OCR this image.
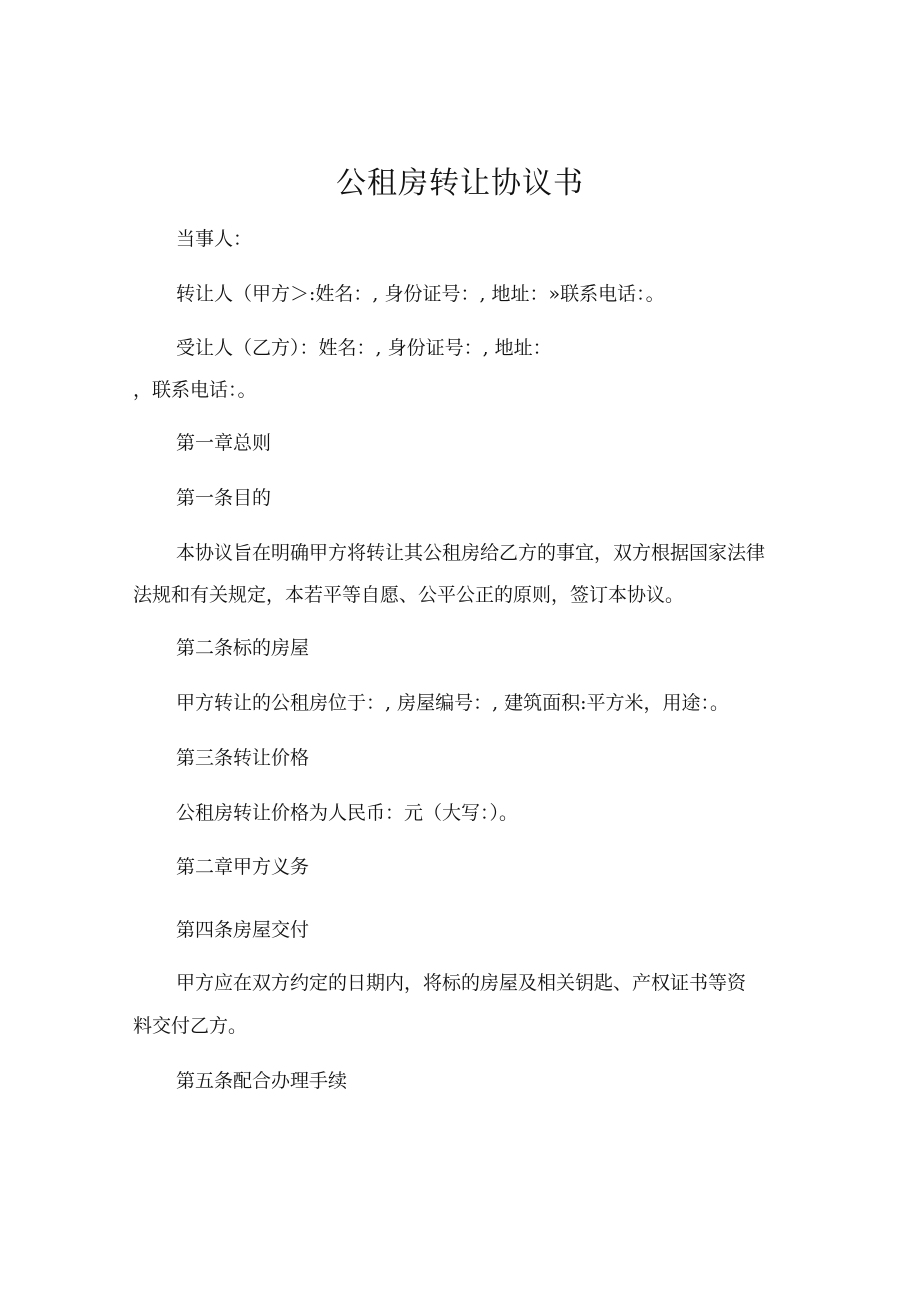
公租房转让协议书
当事人：
转让人（甲方＞:姓名：, 身份证号：, 地址：»联系电话：。
受让人（乙方）：姓名：, 身份证号：, 地址：
，联系电话：。
第一章总则
第一条目的
本协议旨在明确甲方将转让其公租房给乙方的事宜，双方根据国家法律
法规和有关规定，本若平等自愿、公平公正的原则，签订本协议。
第二条标的房屋
甲方转让的公租房位于：, 房屋编号：, 建筑面积:平方米，用途：。
第三条转让价格
公租房转让价格为人民币：元（大写：）。
第二章甲方义务
第四条房屋交付
甲方应在双方约定的日期内，将标的房屋及相关钥匙、产权证书等资
料交付乙方。
第五条配合办理手续
